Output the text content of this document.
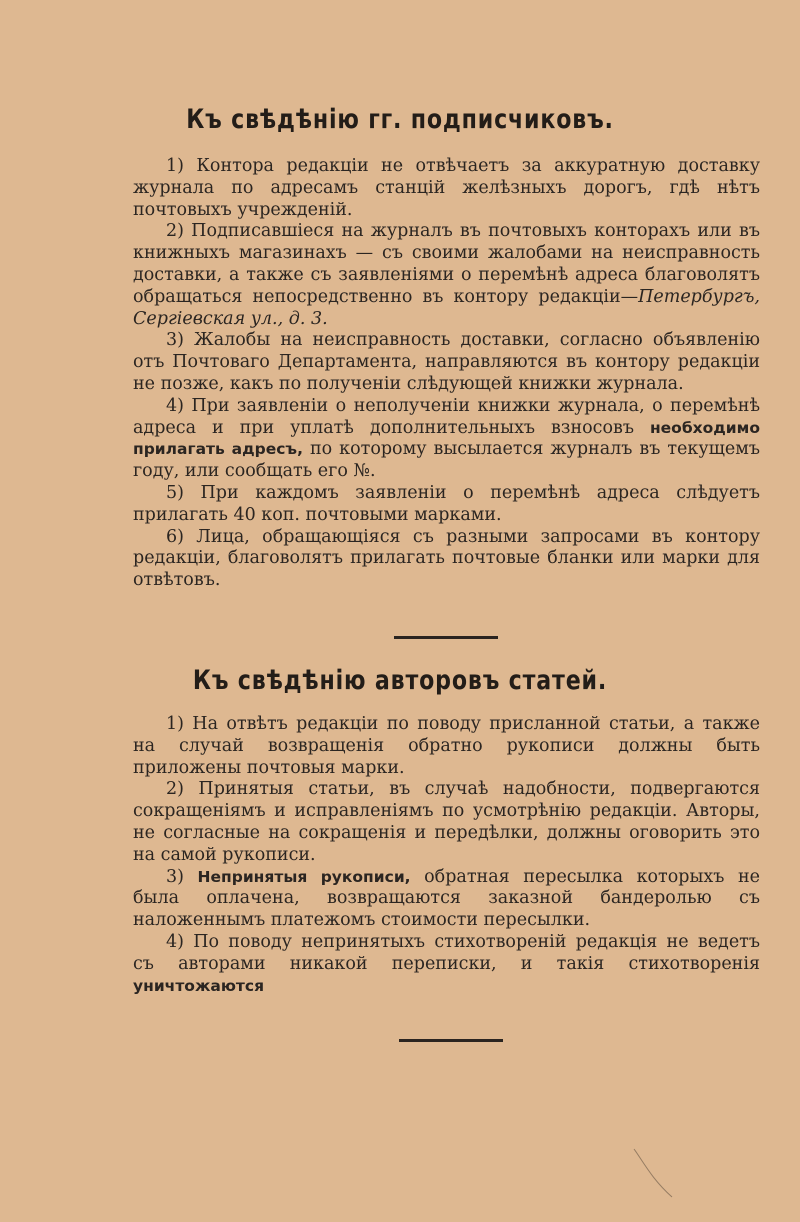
Къ свѣдѣнію гг. подписчиковъ.

1) Контора редакціи не отвѣчаетъ за аккуратную доставку журнала по адресамъ станцій желѣзныхъ дорогъ, гдѣ нѣтъ почтовыхъ учрежденій.

2) Подписавшіеся на журналъ въ почтовыхъ конторахъ или въ книжныхъ магазинахъ — съ своими жалобами на неисправность доставки, а также съ заявленіями о перемѣнѣ адреса благоволятъ обращаться непосредственно въ контору редакціи—Петербургъ, Сергіевская ул., д. 3.

3) Жалобы на неисправность доставки, согласно объявленію отъ Почтоваго Департамента, направляются въ контору редакціи не позже, какъ по полученіи слѣдующей книжки журнала.

4) При заявленіи о неполученіи книжки журнала, о перемѣнѣ адреса и при уплатѣ дополнительныхъ взносовъ необходимо прилагать адресъ, по которому высылается журналъ въ текущемъ году, или сообщать его №.

5) При каждомъ заявленіи о перемѣнѣ адреса слѣдуетъ прилагать 40 коп. почтовыми марками.

6) Лица, обращающіяся съ разными запросами въ контору редакціи, благоволятъ прилагать почтовые бланки или марки для отвѣтовъ.

Къ свѣдѣнію авторовъ статей.

1) На отвѣтъ редакціи по поводу присланной статьи, а также на случай возвращенія обратно рукописи должны быть приложены почтовыя марки.

2) Принятыя статьи, въ случаѣ надобности, подвергаются сокращеніямъ и исправленіямъ по усмотрѣнію редакціи. Авторы, не согласные на сокращенія и передѣлки, должны оговорить это на самой рукописи.

3) Непринятыя рукописи, обратная пересылка которыхъ не была оплачена, возвращаются заказной бандеролью съ наложеннымъ платежомъ стоимости пересылки.

4) По поводу непринятыхъ стихотвореній редакція не ведетъ съ авторами никакой переписки, и такія стихотворенія уничтожаются
